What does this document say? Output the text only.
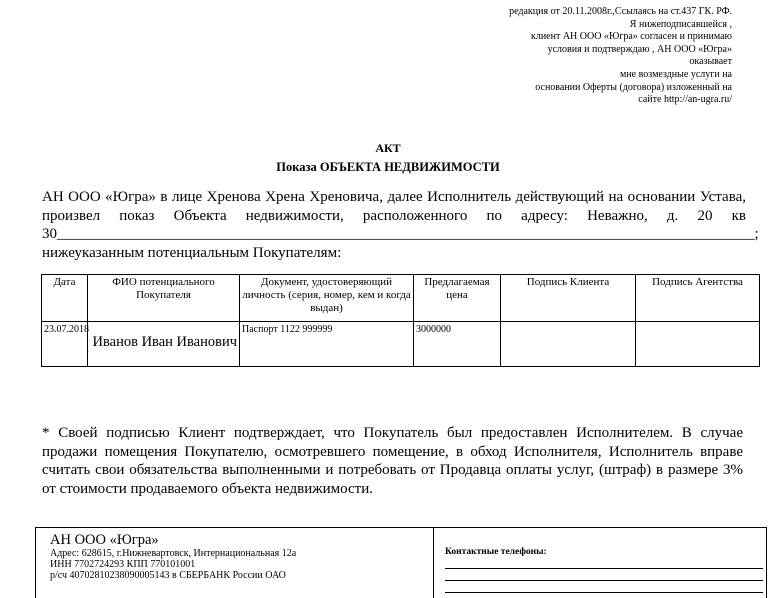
редакция от 20.11.2008г.,Ссылаясь на ст.437 ГК. РФ.
Я нижеподписавшейся ,
клиент АН ООО «Югра» согласен и принимаю
условия и подтверждаю , АН ООО «Югра»
оказывает
мне возмездные услуги на
основании Оферты (договора) изложенный на
сайте http://an-ugra.ru/
АКТ
Показа ОБЪЕКТА НЕДВИЖИМОСТИ
АН ООО «Югра» в лице Хренова Хрена Хреновича, далее Исполнитель действующий на основании Устава, произвел показ Объекта недвижимости, расположенного по адресу: Неважно, д. 20 кв 30_____________________________________________________________________________________________;
нижеуказанным потенциальным Покупателям:
Дата	ФИО потенциального Покупателя	Документ, удостоверяющий личность (серия, номер, кем и когда выдан)	Предлагаемая цена	Подпись Клиента	Подпись Агентства
23.07.2018	Иванов Иван Иванович	Паспорт 1122 999999	3000000		
* Своей подписью Клиент подтверждает, что Покупатель был предоставлен Исполнителем. В случае продажи помещения Покупателю, осмотревшего помещение, в обход Исполнителя, Исполнитель вправе считать свои обязательства выполненными и потребовать от Продавца оплаты услуг, (штраф) в размере 3% от стоимости продаваемого объекта недвижимости.
АН ООО «Югра»
Адрес: 628615, г.Нижневартовск, Интернациональная 12а
ИНН 7702724293 КПП 770101001
р/сч 40702810238090005143 в СБЕРБАНК России ОАО
Контактные телефоны:
